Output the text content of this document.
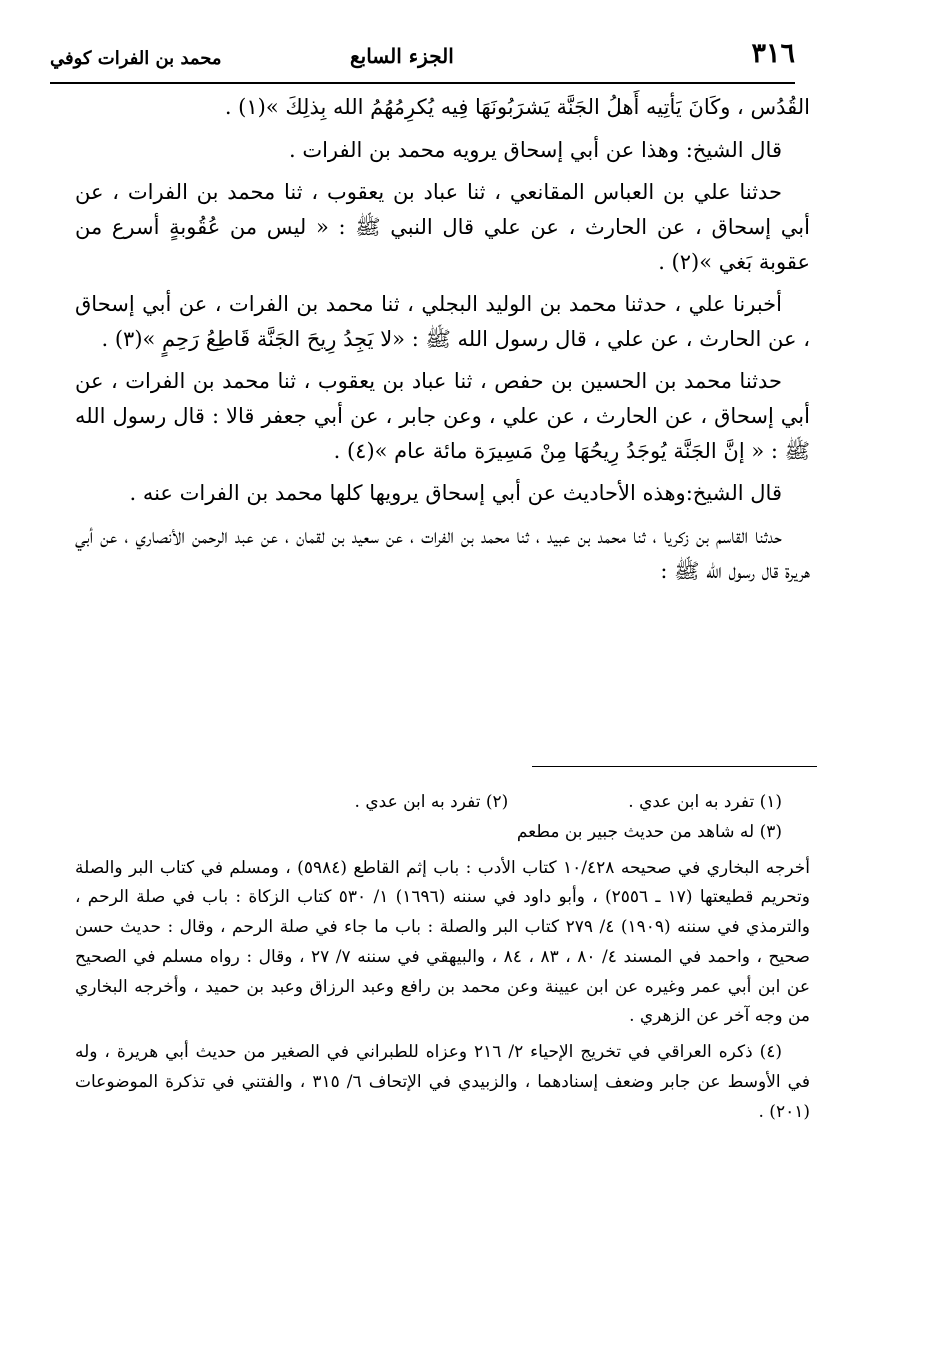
٣١٦
الجزء السابع
محمد بن الفرات كوفي

القُدُس ، وكَانَ يَأتِيه أَهلُ الجَنَّة يَشرَبُونَهَا فِيه يُكرِمُهُمُ الله بِذلِكَ »(١) .

قال الشيخ: وهذا عن أبي إسحاق يرويه محمد بن الفرات .

حدثنا علي بن العباس المقانعي ، ثنا عباد بن يعقوب ، ثنا محمد بن الفرات ، عن أبي إسحاق ، عن الحارث ، عن علي قال النبي ﷺ : « ليس من عُقُوبةٍ أسرع من عقوبة بَغي »(٢) .

أخبرنا علي ، حدثنا محمد بن الوليد البجلي ، ثنا محمد بن الفرات ، عن أبي إسحاق ، عن الحارث ، عن علي ، قال رسول الله ﷺ : «لا يَجِدُ رِيحَ الجَنَّة قَاطِعُ رَحِمٍ »(٣) .

حدثنا محمد بن الحسين بن حفص ، ثنا عباد بن يعقوب ، ثنا محمد بن الفرات ، عن أبي إسحاق ، عن الحارث ، عن علي ، وعن جابر ، عن أبي جعفر قالا : قال رسول الله ﷺ : « إنَّ الجَنَّة يُوجَدُ رِيحُهَا مِنْ مَسِيرَة مائة عام »(٤) .

قال الشيخ:وهذه الأحاديث عن أبي إسحاق يرويها كلها محمد بن الفرات عنه .

حدثنا القاسم بن زكريا ، ثنا محمد بن عبيد ، ثنا محمد بن الفرات ، عن سعيد بن لقمان ، عن عبد الرحمن الأنصاري ، عن أبي هريرة قال رسول الله ﷺ :

(١) تفرد به ابن عدي .
(٢) تفرد به ابن عدي .

(٣) له شاهد من حديث جبير بن مطعم

أخرجه البخاري في صحيحه ١٠/٤٢٨ كتاب الأدب : باب إثم القاطع (٥٩٨٤) ، ومسلم في كتاب البر والصلة وتحريم قطيعتها (١٧ ـ ٢٥٥٦) ، وأبو داود في سننه (١٦٩٦) ١/ ٥٣٠ كتاب الزكاة : باب في صلة الرحم ، والترمذي في سننه (١٩٠٩) ٤/ ٢٧٩ كتاب البر والصلة : باب ما جاء في صلة الرحم ، وقال : حديث حسن صحيح ، واحمد في المسند ٤/ ٨٠ ، ٨٣ ، ٨٤ ، والبيهقي في سننه ٧/ ٢٧ ، وقال : رواه مسلم في الصحيح عن ابن أبي عمر وغيره عن ابن عيينة وعن محمد بن رافع وعبد الرزاق وعبد بن حميد ، وأخرجه البخاري من وجه آخر عن الزهري .

(٤) ذكره العراقي في تخريج الإحياء ٢/ ٢١٦ وعزاه للطبراني في الصغير من حديث أبي هريرة ، وله في الأوسط عن جابر وضعف إسنادهما ، والزبيدي في الإتحاف ٦/ ٣١٥ ، والفتني في تذكرة الموضوعات (٢٠١) .
